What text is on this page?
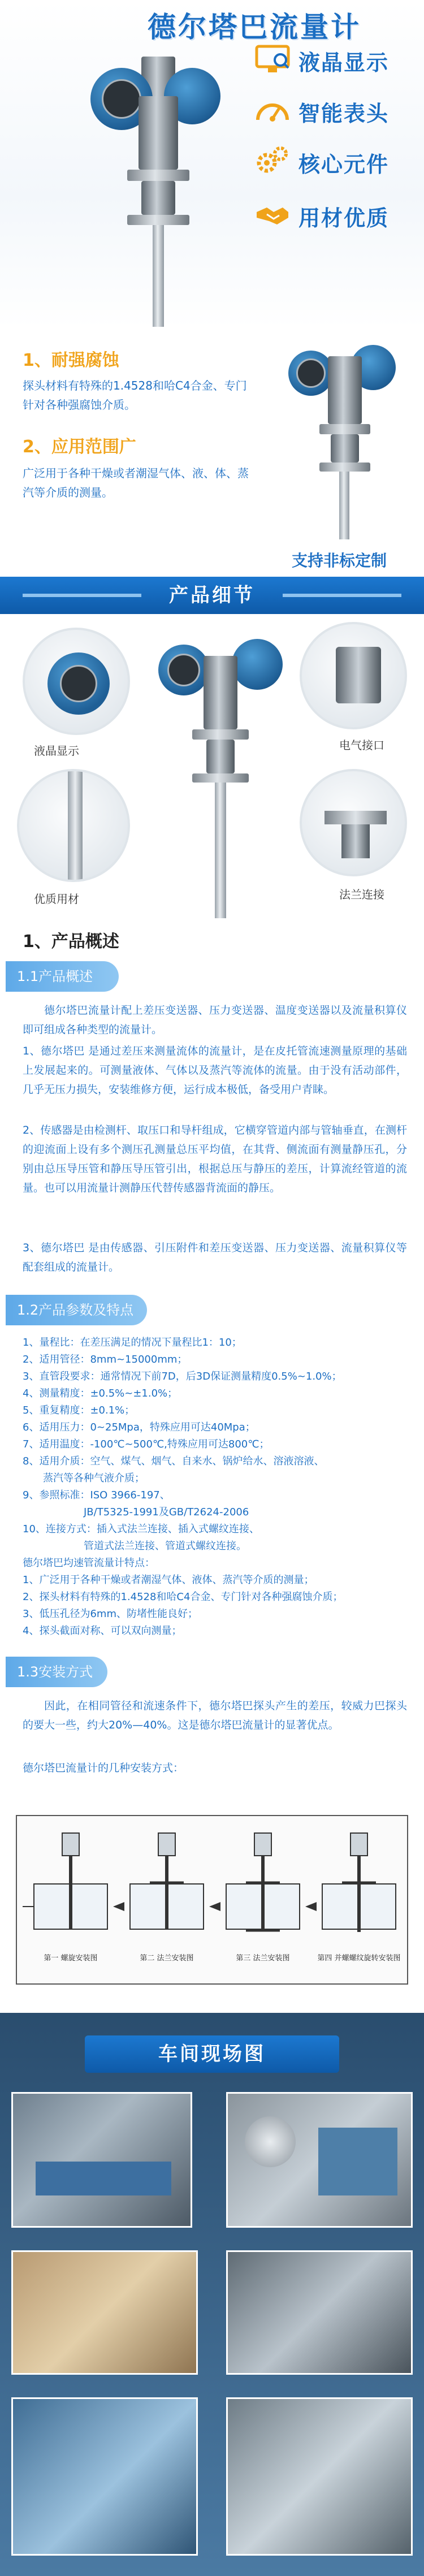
德尔塔巴流量计
液晶显示
智能表头
核心元件
用材优质
1、耐强腐蚀
探头材料有特殊的1.4528和哈C4合金、专门针对各种强腐蚀介质。
2、应用范围广
广泛用于各种干燥或者潮湿气体、液、体、蒸汽等介质的测量。
支持非标定制
产品细节
液晶显示	电气接口
优质用材	法兰连接
1、产品概述
1.1产品概述
德尔塔巴流量计配上差压变送器、压力变送器、温度变送器以及流量积算仪即可组成各种类型的流量计。
1、德尔塔巴 是通过差压来测量流体的流量计，是在皮托管流速测量原理的基础上发展起来的。可测量液体、气体以及蒸汽等流体的流量。由于没有活动部件，几乎无压力损失，安装维修方便，运行成本极低，备受用户青睐。
2、传感器是由检测杆、取压口和导杆组成，它横穿管道内部与管轴垂直，在测杆的迎流面上设有多个测压孔测量总压平均值，在其背、侧流面有测量静压孔，分别由总压导压管和静压导压管引出，根据总压与静压的差压，计算流经管道的流量。也可以用流量计测静压代替传感器背流面的静压。
3、德尔塔巴 是由传感器、引压附件和差压变送器、压力变送器、流量积算仪等配套组成的流量计。
1.2产品参数及特点
1、量程比：在差压满足的情况下量程比1：10；
2、适用管径：8mm~15000mm；
3、直管段要求：通常情况下前7D，后3D保证测量精度0.5%~1.0%；
4、测量精度：±0.5%~±1.0%；
5、重复精度：±0.1%；
6、适用压力：0~25Mpa，特殊应用可达40Mpa；
7、适用温度：-100℃~500℃,特殊应用可达800℃；
8、适用介质：空气、煤气、烟气、自来水、锅炉给水、溶液溶液、
　　蒸汽等各种气液介质；
9、参照标准：ISO 3966-197、
　　　　　　JB/T5325-1991及GB/T2624-2006
10、连接方式：插入式法兰连接、插入式螺纹连接、
　　　　　　管道式法兰连接、管道式螺纹连接。
德尔塔巴均速管流量计特点：
1、广泛用于各种干燥或者潮湿气体、液体、蒸汽等介质的测量；
2、探头材料有特殊的1.4528和哈C4合金、专门针对各种强腐蚀介质；
3、低压孔径为6mm、防堵性能良好；
4、探头截面对称、可以双向测量；
1.3安装方式
因此，在相同管径和流速条件下，德尔塔巴探头产生的差压，较威力巴探头的要大一些，约大20%—40%。这是德尔塔巴流量计的显著优点。
德尔塔巴流量计的几种安装方式：
第一 螺旋安装图	第二 法兰安装图	第三 法兰安装图	第四 并螺螺纹旋转安装图
车间现场图
